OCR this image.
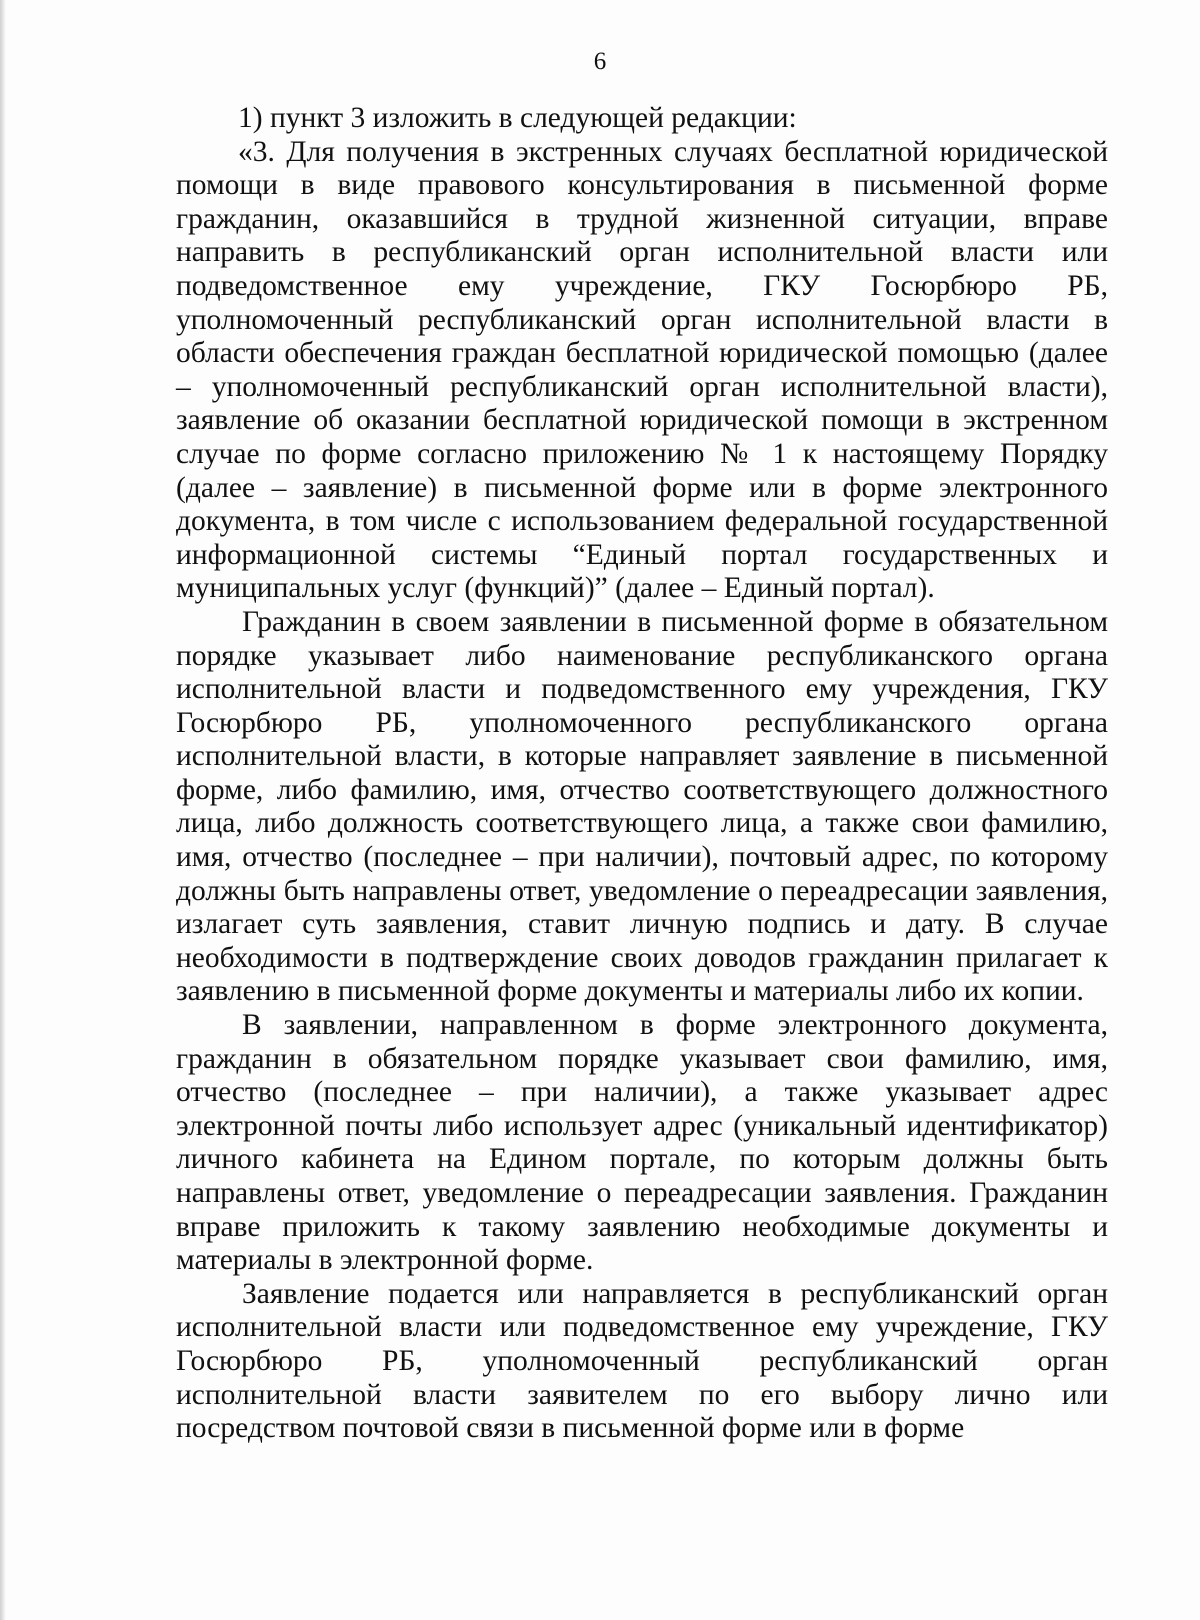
6

1) пункт 3 изложить в следующей редакции:

«3. Для получения в экстренных случаях бесплатной юридической помощи в виде правового консультирования в письменной форме гражданин, оказавшийся в трудной жизненной ситуации, вправе направить в республиканский орган исполнительной власти или подведомственное ему учреждение, ГКУ Госюрбюро РБ, уполномоченный республиканский орган исполнительной власти в области обеспечения граждан бесплатной юридической помощью (далее – уполномоченный республиканский орган исполнительной власти), заявление об оказании бесплатной юридической помощи в экстренном случае по форме согласно приложению № 1 к настоящему Порядку (далее – заявление) в письменной форме или в форме электронного документа, в том числе с использованием федеральной государственной информационной системы “Единый портал государственных и муниципальных услуг (функций)” (далее – Единый портал).

Гражданин в своем заявлении в письменной форме в обязательном порядке указывает либо наименование республиканского органа исполнительной власти и подведомственного ему учреждения, ГКУ Госюрбюро РБ, уполномоченного республиканского органа исполнительной власти, в которые направляет заявление в письменной форме, либо фамилию, имя, отчество соответствующего должностного лица, либо должность соответствующего лица, а также свои фамилию, имя, отчество (последнее – при наличии), почтовый адрес, по которому должны быть направлены ответ, уведомление о переадресации заявления, излагает суть заявления, ставит личную подпись и дату. В случае необходимости в подтверждение своих доводов гражданин прилагает к заявлению в письменной форме документы и материалы либо их копии.

В заявлении, направленном в форме электронного документа, гражданин в обязательном порядке указывает свои фамилию, имя, отчество (последнее – при наличии), а также указывает адрес электронной почты либо использует адрес (уникальный идентификатор) личного кабинета на Едином портале, по которым должны быть направлены ответ, уведомление о переадресации заявления. Гражданин вправе приложить к такому заявлению необходимые документы и материалы в электронной форме.

Заявление подается или направляется в республиканский орган исполнительной власти или подведомственное ему учреждение, ГКУ Госюрбюро РБ, уполномоченный республиканский орган исполнительной власти заявителем по его выбору лично или посредством почтовой связи в письменной форме или в форме
